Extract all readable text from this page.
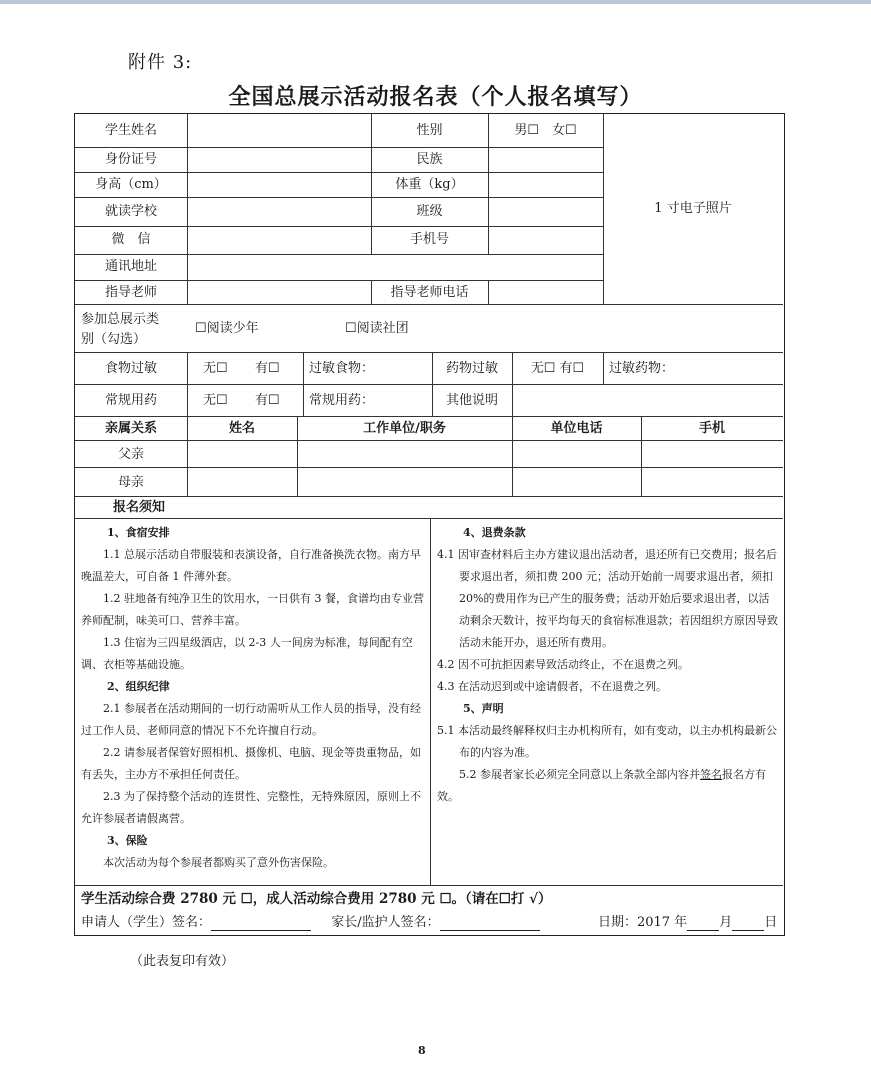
附件 3:
全国总展示活动报名表（个人报名填写）
学生姓名	性别	男☐　女☐
身份证号	民族
身高（cm）	体重（kg）
就读学校	班级
微　信	手机号
通讯地址
指导老师	指导老师电话
1 寸电子照片
参加总展示类
别（勾选）
☐阅读少年	☐阅读社团
食物过敏	无☐ 有☐ 过敏食物：	药物过敏	无☐ 有☐	过敏药物：
常规用药	无☐ 有☐ 常规用药：	其他说明
亲属关系	姓名	工作单位/职务	单位电话	手机
父亲
母亲
报名须知

1、食宿安排

1.1 总展示活动自带服装和表演设备，自行准备换洗衣物。南方早晚温差大，可自备 1 件薄外套。

1.2 驻地备有纯净卫生的饮用水，一日供有 3 餐，食谱均由专业营养师配制，味美可口、营养丰富。

1.3 住宿为三四星级酒店，以 2-3 人一间房为标准，每间配有空调、衣柜等基础设施。

2、组织纪律

2.1 参展者在活动期间的一切行动需听从工作人员的指导，没有经过工作人员、老师同意的情况下不允许擅自行动。

2.2 请参展者保管好照相机、摄像机、电脑、现金等贵重物品，如有丢失，主办方不承担任何责任。

2.3 为了保持整个活动的连贯性、完整性，无特殊原因，原则上不允许参展者请假离营。

3、保险

本次活动为每个参展者都购买了意外伤害保险。

4、退费条款

4.1 因审查材料后主办方建议退出活动者，退还所有已交费用；报名后要求退出者，须扣费 200 元；活动开始前一周要求退出者，须扣 20%的费用作为已产生的服务费；活动开始后要求退出者，以活动剩余天数计，按平均每天的食宿标准退款；若因组织方原因导致活动未能开办，退还所有费用。

4.2 因不可抗拒因素导致活动终止，不在退费之列。

4.3 在活动迟到或中途请假者，不在退费之列。

5、声明

5.1 本活动最终解释权归主办机构所有，如有变动，以主办机构最新公布的内容为准。

5.2 参展者家长必须完全同意以上条款全部内容并签名报名方有效。

学生活动综合费 2780 元 ☐，成人活动综合费用 2780 元 ☐。（请在☐打 √）
申请人（学生）签名：	家长/监护人签名：	日期：2017 年 月 日
（此表复印有效）
8
